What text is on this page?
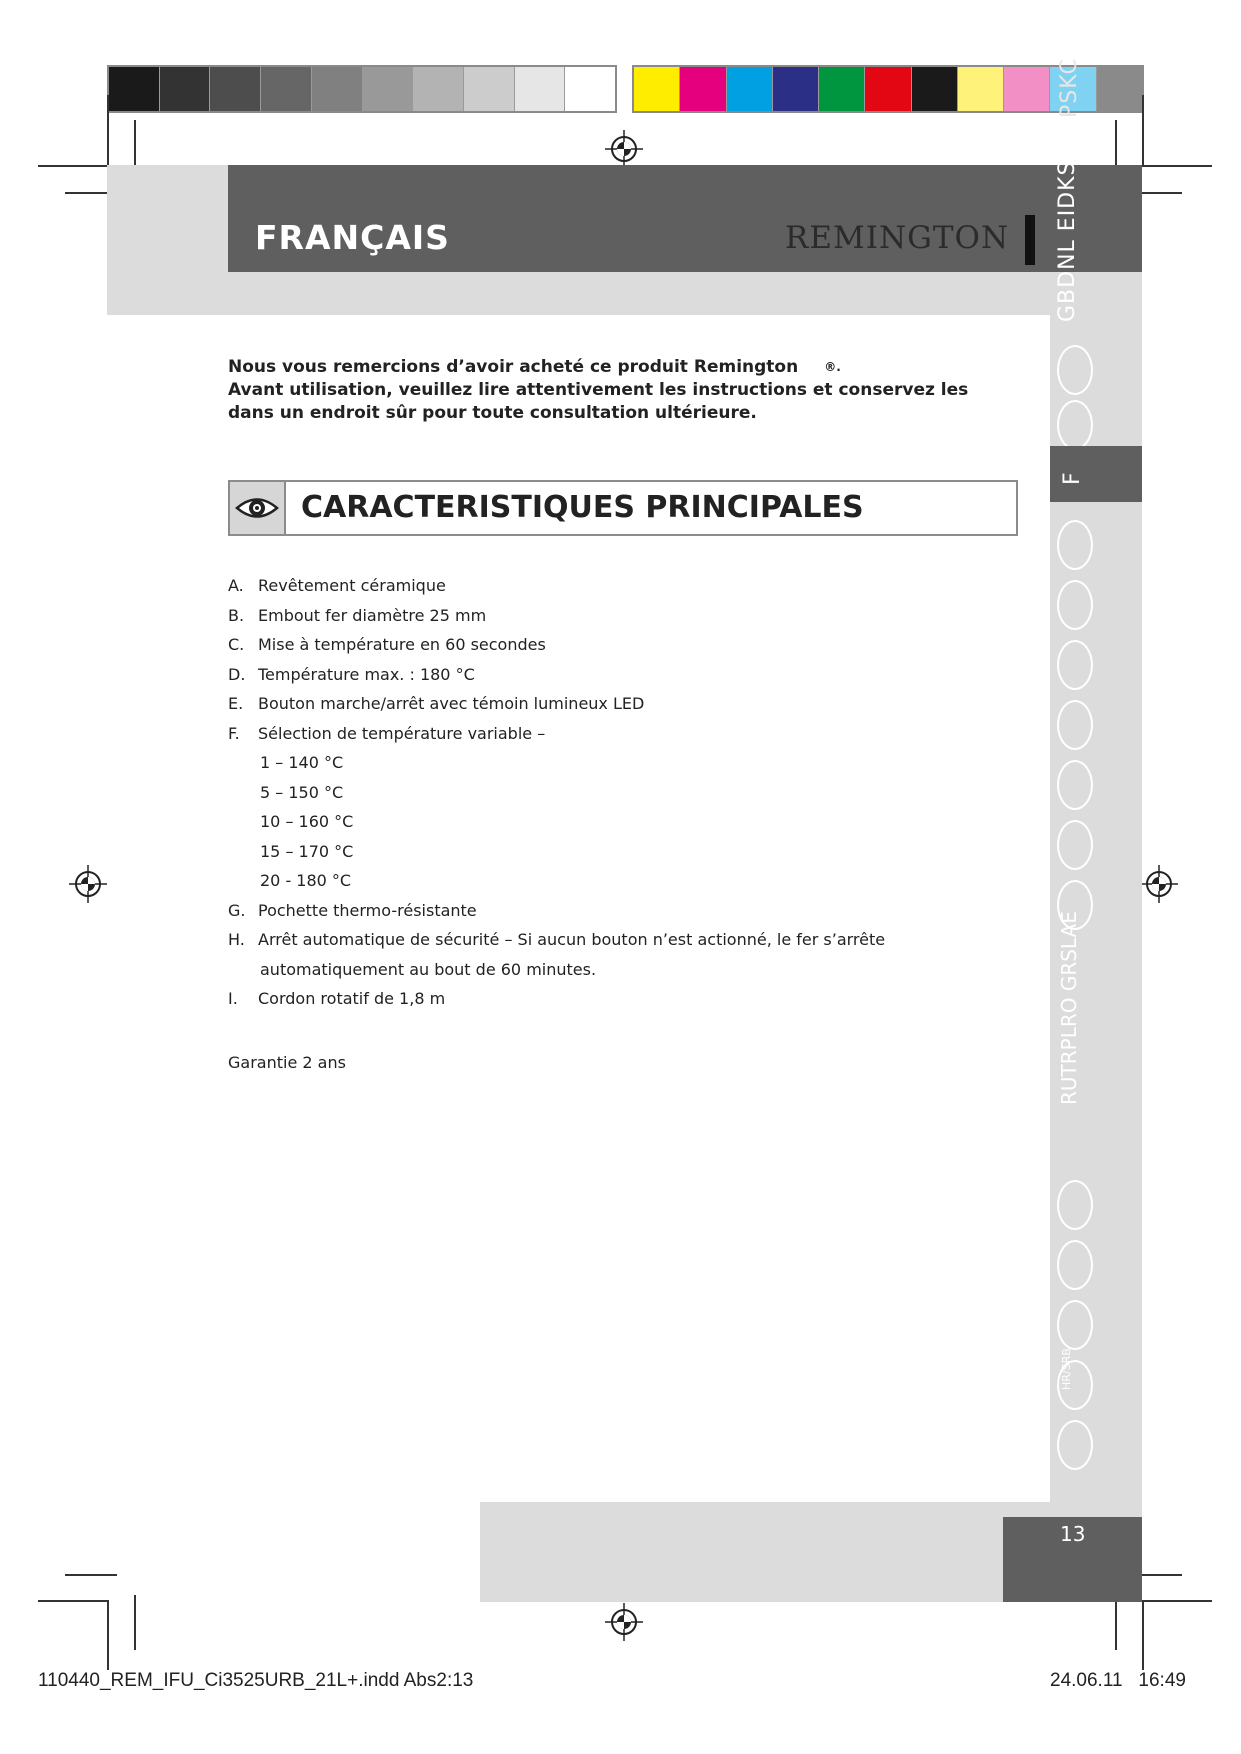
FRANÇAIS	REMINGTON GBDNL EIDKS
PSKC
F
RUTRPLRO GRSLAE
HR/SRB
13
Nous vous remercions d’avoir acheté ce produit Remington ®.
Avant utilisation, veuillez lire attentivement les instructions et conservez les
dans un endroit sûr pour toute consultation ultérieure.
CARACTERISTIQUES PRINCIPALES
A. Revêtement céramique
B. Embout fer diamètre 25 mm
C. Mise à température en 60 secondes
D. Température max. : 180 °C
E. Bouton marche/arrêt avec témoin lumineux LED
F. Sélection de température variable –
1 – 140 °C
5 – 150 °C
10 – 160 °C
15 – 170 °C
20 - 180 °C
G. Pochette thermo-résistante
H. Arrêt automatique de sécurité – Si aucun bouton n’est actionné, le fer s’arrête
automatiquement au bout de 60 minutes.
I. Cordon rotatif de 1,8 m
Garantie 2 ans
110440_REM_IFU_Ci3525URB_21L+.indd Abs2:13	24.06.11 16:49
